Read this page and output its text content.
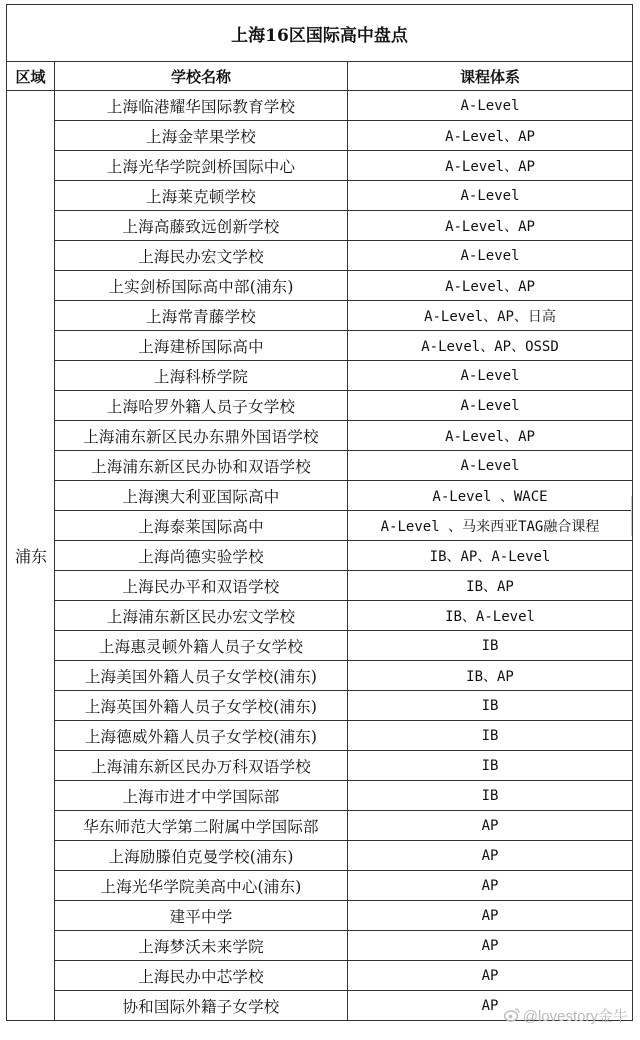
上海16区国际高中盘点		
区域	学校名称	课程体系
浦东	上海临港耀华国际教育学校	A-Level
	上海金苹果学校	A-Level、AP
	上海光华学院剑桥国际中心	A-Level、AP
	上海莱克顿学校	A-Level
	上海高藤致远创新学校	A-Level、AP
	上海民办宏文学校	A-Level
	上实剑桥国际高中部(浦东)	A-Level、AP
	上海常青藤学校	A-Level、AP、日高
	上海建桥国际高中	A-Level、AP、OSSD
	上海科桥学院	A-Level
	上海哈罗外籍人员子女学校	A-Level
	上海浦东新区民办东鼎外国语学校	A-Level、AP
	上海浦东新区民办协和双语学校	A-Level
	上海澳大利亚国际高中	A-Level 、WACE
	上海泰莱国际高中	A-Level 、马来西亚TAG融合课程
	上海尚德实验学校	IB、AP、A-Level
	上海民办平和双语学校	IB、AP
	上海浦东新区民办宏文学校	IB、A-Level
	上海惠灵顿外籍人员子女学校	IB
	上海美国外籍人员子女学校(浦东)	IB、AP
	上海英国外籍人员子女学校(浦东)	IB
	上海德威外籍人员子女学校(浦东)	IB
	上海浦东新区民办万科双语学校	IB
	上海市进才中学国际部	IB
	华东师范大学第二附属中学国际部	AP
	上海励滕伯克曼学校(浦东)	AP
	上海光华学院美高中心(浦东)	AP
	建平中学	AP
	上海梦沃未来学院	AP
	上海民办中芯学校	AP
	协和国际外籍子女学校	AP
@lovestory金牛
